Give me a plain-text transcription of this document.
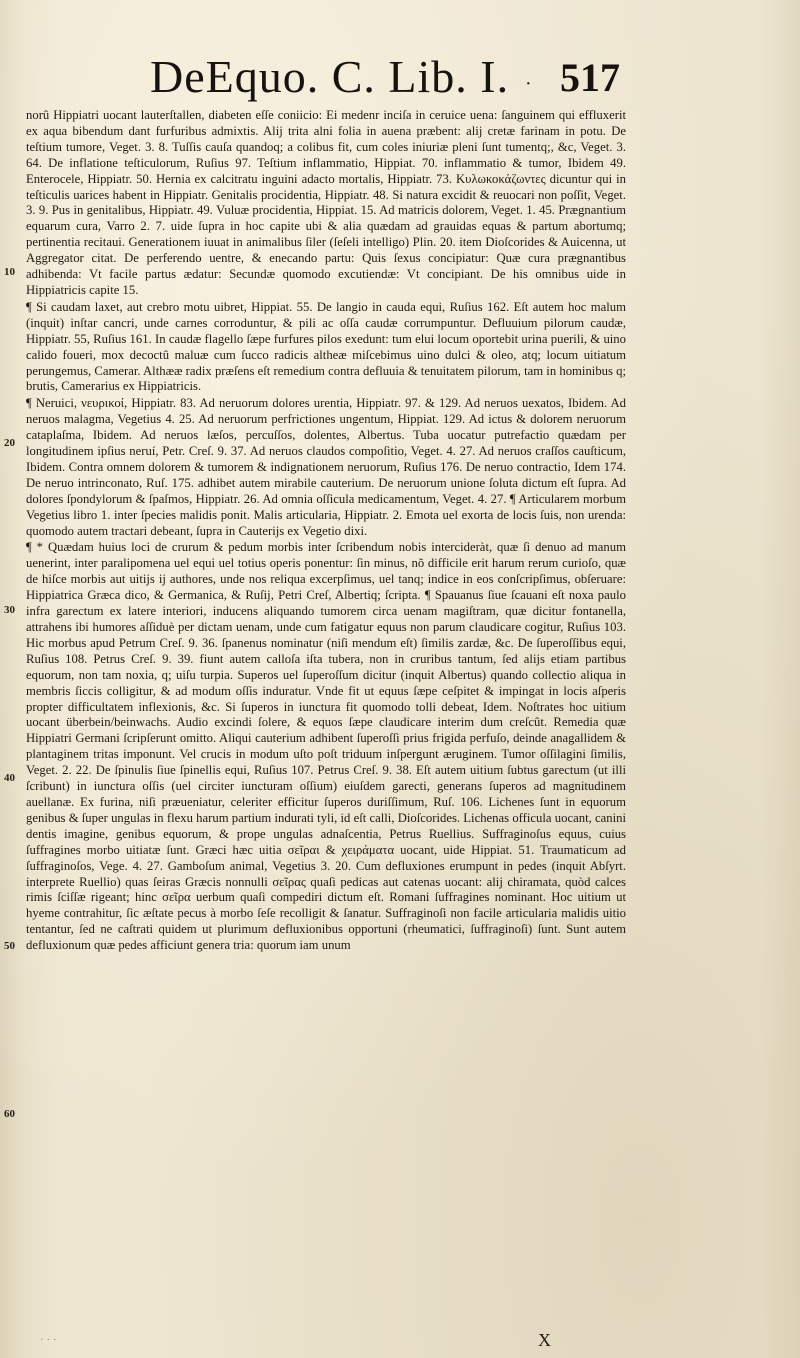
DeEquo. C. Lib. I. · 517
10
20
30
40
50
60

norû Hippiatri uocant lauterſtallen, diabeten eſſe coniicio: Ei medenr inciſa in ceruice uena: ſanguinem qui effluxerit ex aqua bibendum dant furfuribus admixtis. Alij trita alni folia in auena præbent: alij cretæ farinam in potu. De teſtium tumore, Veget. 3. 8. Tuſſis cauſa quandoq; a colibus fit, cum coles iniuriæ pleni ſunt tumentq;, &c, Veget. 3. 64. De inflatione teſticulorum, Ruſius 97. Teſtium inflammatio, Hippiat. 70. inflammatio & tumor, Ibidem 49. Enterocele, Hippiatr. 50. Hernia ex calcitratu inguini adacto mortalis, Hippiatr. 73. Κυλωκοκάζωντες dicuntur qui in teſticulis uarices habent in Hippiatr. Genitalis procidentia, Hippiatr. 48. Si natura excidit & reuocari non poſſit, Veget. 3. 9. Pus in genitalibus, Hippiatr. 49. Vuluæ procidentia, Hippiat. 15. Ad matricis dolorem, Veget. 1. 45. Prægnantium equarum cura, Varro 2. 7. uide ſupra in hoc capite ubi & alia quædam ad grauidas equas & partum abortumq; pertinentia recitaui. Generationem iuuat in animalibus ſiler (ſeſeli intelligo) Plin. 20. item Dioſcorides & Auicenna, ut Aggregator citat. De perferendo uentre, & enecando partu: Quis ſexus concipiatur: Quæ cura prægnantibus adhibenda: Vt facile partus ædatur: Secundæ quomodo excutiendæ: Vt concipiant. De his omnibus uide in Hippiatricis capite 15.

¶ Si caudam laxet, aut crebro motu uibret, Hippiat. 55. De langio in cauda equi, Ruſius 162. Eſt autem hoc malum (inquit) inſtar cancri, unde carnes corroduntur, & pili ac oſſa caudæ corrumpuntur. Defluuium pilorum caudæ, Hippiatr. 55, Ruſius 161. In caudæ flagello ſæpe furfures pilos exedunt: tum elui locum oportebit urina puerili, & uino calido foueri, mox decoctû maluæ cum ſucco radicis altheæ miſcebimus uino dulci & oleo, atq; locum uitiatum perungemus, Camerar. Althææ radix præſens eſt remedium contra defluuia & tenuitatem pilorum, tam in hominibus q; brutis, Camerarius ex Hippiatricis.

¶ Neruici, νευρικοί, Hippiatr. 83. Ad neruorum dolores urentia, Hippiatr. 97. & 129. Ad neruos uexatos, Ibidem. Ad neruos malagma, Vegetius 4. 25. Ad neruorum perfrictiones ungentum, Hippiat. 129. Ad ictus & dolorem neruorum cataplaſma, Ibidem. Ad neruos læſos, percuſſos, dolentes, Albertus. Tuba uocatur putrefactio quædam per longitudinem ipſius neruí, Petr. Creſ. 9. 37. Ad neruos claudos compoſitio, Veget. 4. 27. Ad neruos craſſos cauſticum, Ibidem. Contra omnem dolorem & tumorem & indignationem neruorum, Ruſius 176. De neruo contractio, Idem 174. De neruo intrinconato, Ruſ. 175. adhibet autem mirabile cauterium. De neruorum unione ſoluta dictum eſt ſupra. Ad dolores ſpondylorum & ſpaſmos, Hippiatr. 26. Ad omnia oſſicula medicamentum, Veget. 4. 27. ¶ Articularem morbum Vegetius libro 1. inter ſpecies malidis ponit. Malis articularia, Hippiatr. 2. Emota uel exorta de locis ſuis, non urenda: quomodo autem tractari debeant, ſupra in Cauterijs ex Vegetio dixi.

¶ * Quædam huius loci de crurum & pedum morbis inter ſcribendum nobis intercideràt, quæ ſi denuo ad manum uenerint, inter paralipomena uel equi uel totius operis ponentur: ſin minus, nõ difficile erit harum rerum curioſo, quæ de hiſce morbis aut uitijs ij authores, unde nos reliqua excerpſimus, uel tanq; indice in eos conſcripſimus, obſeruare: Hippiatrica Græca dico, & Germanica, & Ruſij, Petri Creſ, Albertiq; ſcripta. ¶ Spauanus ſiue ſcauani eſt noxa paulo infra garectum ex latere interiori, inducens aliquando tumorem circa uenam magiſtram, quæ dicitur fontanella, attrahens ibi humores aſſiduè per dictam uenam, unde cum fatigatur equus non parum claudicare cogitur, Ruſius 103. Hic morbus apud Petrum Creſ. 9. 36. ſpanenus nominatur (niſi mendum eſt) ſimilis zardæ, &c. De ſuperoſſibus equi, Ruſius 108. Petrus Creſ. 9. 39. fiunt autem calloſa iſta tubera, non in cruribus tantum, ſed alijs etiam partibus equorum, non tam noxia, q; uiſu turpia. Superos uel ſuperoſſum dicitur (inquit Albertus) quando collectio aliqua in membris ſiccis colligitur, & ad modum oſſis induratur. Vnde fit ut equus ſæpe ceſpitet & impingat in locis aſperis propter difficultatem inflexionis, &c. Si ſuperos in iunctura fit quomodo tolli debeat, Idem. Noſtrates hoc uitium uocant überbein/beinwachs. Audio excindi ſolere, & equos ſæpe claudicare interim dum creſcût. Remedia quæ Hippiatri Germani ſcripſerunt omitto. Aliqui cauterium adhibent ſuperoſſi prius frigida perfuſo, deinde anagallidem & plantaginem tritas imponunt. Vel crucis in modum uſto poſt triduum inſpergunt æruginem. Tumor oſſilagini ſimilis, Veget. 2. 22. De ſpinulis ſiue ſpinellis equi, Ruſius 107. Petrus Creſ. 9. 38. Eſt autem uitium ſubtus garectum (ut illi ſcribunt) in iunctura oſſis (uel circiter iuncturam oſſium) eiuſdem garecti, generans ſuperos ad magnitudinem auellanæ. Ex furina, niſi præueniatur, celeriter efficitur ſuperos duriſſimum, Ruſ. 106. Lichenes ſunt in equorum genibus & ſuper ungulas in flexu harum partium indurati tyli, id eſt calli, Dioſcorides. Lichenas officula uocant, canini dentis imagine, genibus equorum, & prope ungulas adnaſcentia, Petrus Ruellius. Suffraginoſus equus, cuius ſuffragines morbo uitiatæ ſunt. Græci hæc uitia σεῖραι & χειράματα uocant, uide Hippiat. 51. Traumaticum ad ſuffraginoſos, Vege. 4. 27. Gamboſum animal, Vegetius 3. 20. Cum defluxiones erumpunt in pedes (inquit Abſyrt. interprete Ruellio) quas ſeiras Græcis nonnulli σεῖρας quaſi pedicas aut catenas uocant: alij chiramata, quòd calces rimis ſciſſæ rigeant; hinc σεῖρα uerbum quaſi compediri dictum eſt. Romani ſuffragines nominant. Hoc uitium ut hyeme contrahitur, ſic æſtate pecus à morbo ſeſe recolligit & ſanatur. Suffraginoſi non facile articularia malidis uitio tentantur, ſed ne caſtrati quidem ut plurimum defluxionibus opportuni (rheumatici, ſuffraginoſi) ſunt. Sunt autem defluxionum quæ pedes afficiunt genera tria: quorum iam unum

· · ·	X
